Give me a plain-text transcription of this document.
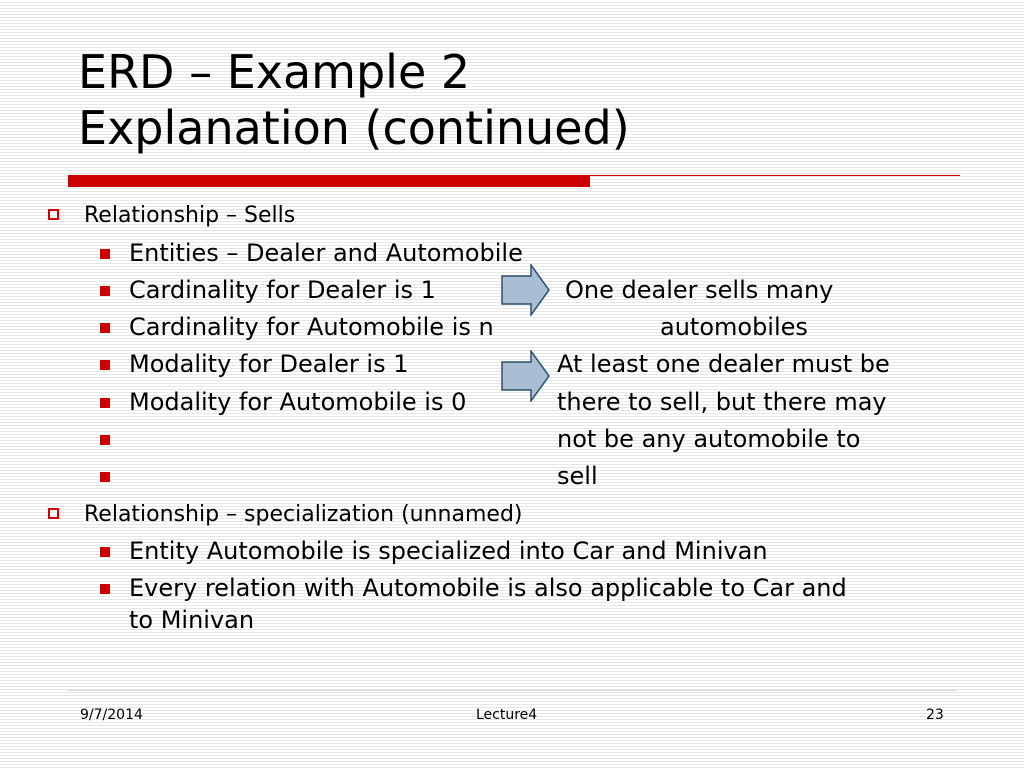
ERD – Example 2
Explanation (continued)
Relationship – Sells
Entities – Dealer and Automobile
Cardinality for Dealer is 1	One dealer sells many
Cardinality for Automobile is n	automobiles
Modality for Dealer is 1	At least one dealer must be
Modality for Automobile is 0	there to sell, but there may
not be any automobile to
sell
Relationship – specialization (unnamed)
Entity Automobile is specialized into Car and Minivan
Every relation with Automobile is also applicable to Car and
to Minivan
9/7/2014	Lecture4	23
